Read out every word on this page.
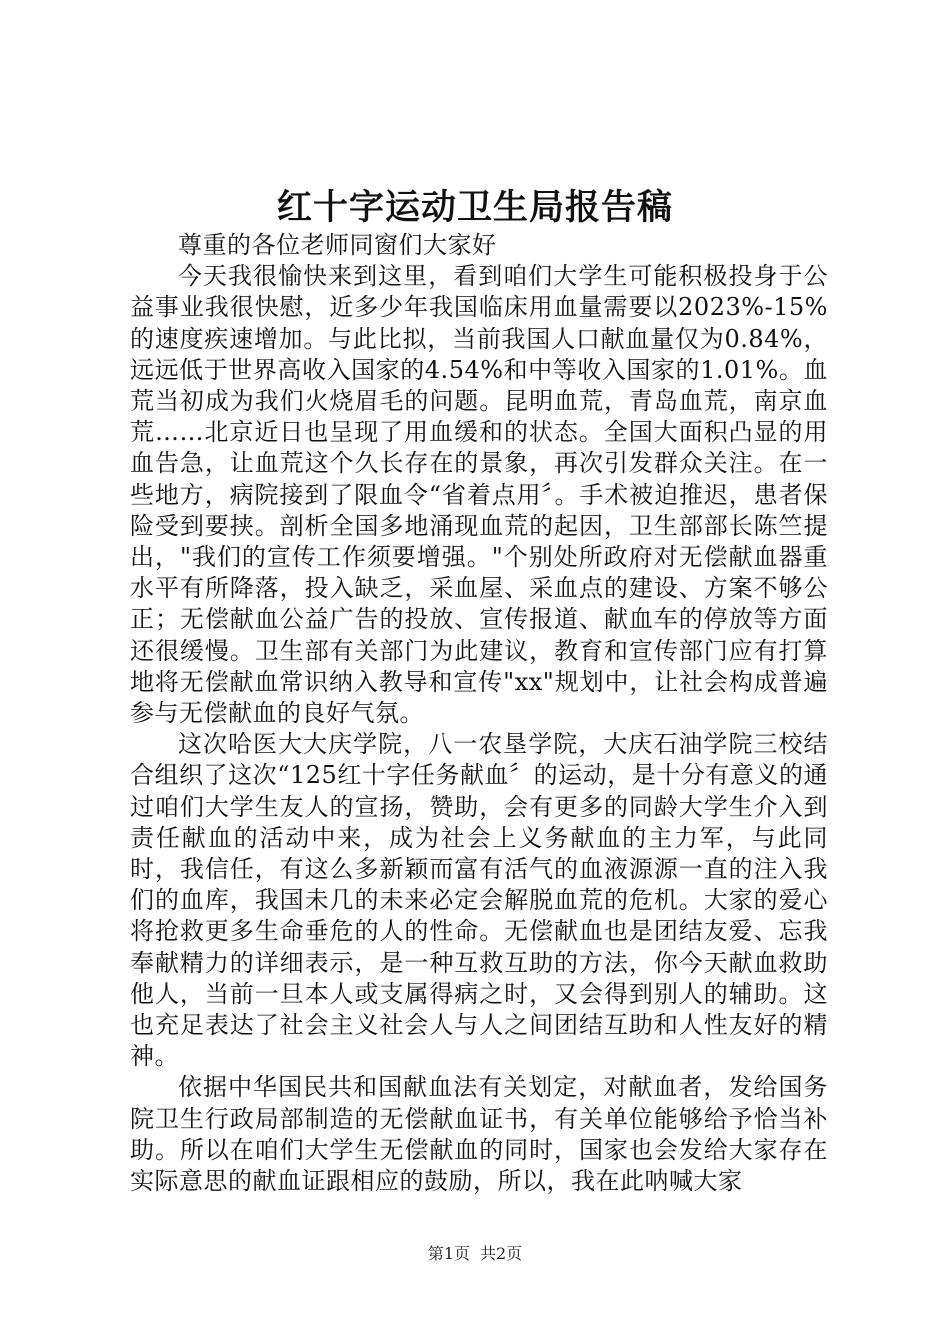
红十字运动卫生局报告稿

尊重的各位老师同窗们大家好

今天我很愉快来到这里，看到咱们大学生可能积极投身于公益事业我很快慰，近多少年我国临床用血量需要以2023%-15%的速度疾速增加。与此比拟，当前我国人口献血量仅为0.84%，远远低于世界高收入国家的4.54%和中等收入国家的1.01%。血荒当初成为我们火烧眉毛的问题。昆明血荒，青岛血荒，南京血荒……北京近日也呈现了用血缓和的状态。全国大面积凸显的用血告急，让血荒这个久长存在的景象，再次引发群众关注。在一些地方，病院接到了限血令“省着点用〞。手术被迫推迟，患者保险受到要挟。剖析全国多地涌现血荒的起因，卫生部部长陈竺提出，"我们的宣传工作须要增强。"个别处所政府对无偿献血器重水平有所降落，投入缺乏，采血屋、采血点的建设、方案不够公正；无偿献血公益广告的投放、宣传报道、献血车的停放等方面还很缓慢。卫生部有关部门为此建议，教育和宣传部门应有打算地将无偿献血常识纳入教导和宣传"xx"规划中，让社会构成普遍参与无偿献血的良好气氛。

这次哈医大大庆学院，八一农垦学院，大庆石油学院三校结合组织了这次“125红十字任务献血〞的运动，是十分有意义的通过咱们大学生友人的宣扬，赞助，会有更多的同龄大学生介入到责任献血的活动中来，成为社会上义务献血的主力军，与此同时，我信任，有这么多新颖而富有活气的血液源源一直的注入我们的血库，我国未几的未来必定会解脱血荒的危机。大家的爱心将抢救更多生命垂危的人的性命。无偿献血也是团结友爱、忘我奉献精力的详细表示，是一种互救互助的方法，你今天献血救助他人，当前一旦本人或支属得病之时，又会得到别人的辅助。这也充足表达了社会主义社会人与人之间团结互助和人性友好的精神。

依据中华国民共和国献血法有关划定，对献血者，发给国务院卫生行政局部制造的无偿献血证书，有关单位能够给予恰当补助。所以在咱们大学生无偿献血的同时，国家也会发给大家存在实际意思的献血证跟相应的鼓励，所以，我在此呐喊大家

第1页 共2页
